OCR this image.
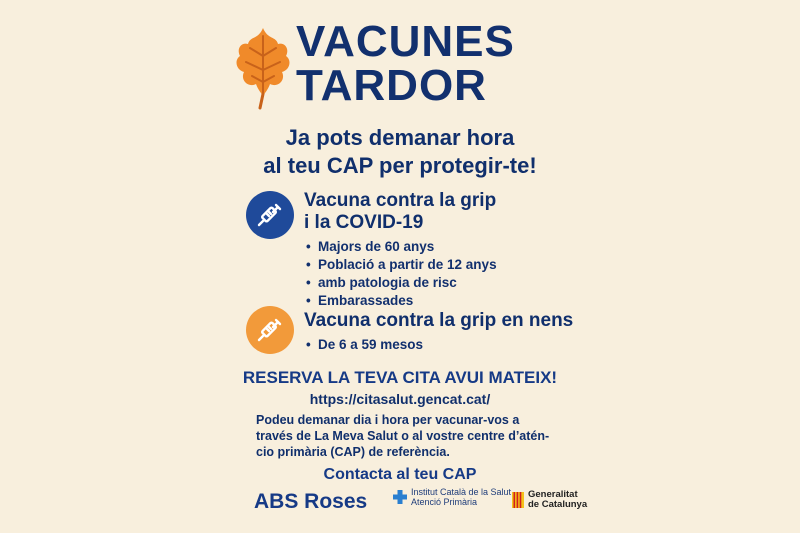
VACUNES
TARDOR
Ja pots demanar hora
al teu CAP per protegir-te!
Vacuna contra la grip
i la COVID-19
• Majors de 60 anys
• Població a partir de 12 anys
• amb patologia de risc
• Embarassades
Vacuna contra la grip en nens
• De 6 a 59 mesos
RESERVA LA TEVA CITA AVUI MATEIX!
https://citasalut.gencat.cat/
Podeu demanar dia i hora per vacunar-vos a
través de La Meva Salut o al vostre centre d’atén-
cio primària (CAP) de referència.
Contacta al teu CAP
ABS Roses	Institut Català de la Salut
Atenció Primària
Generalitat
de Catalunya
